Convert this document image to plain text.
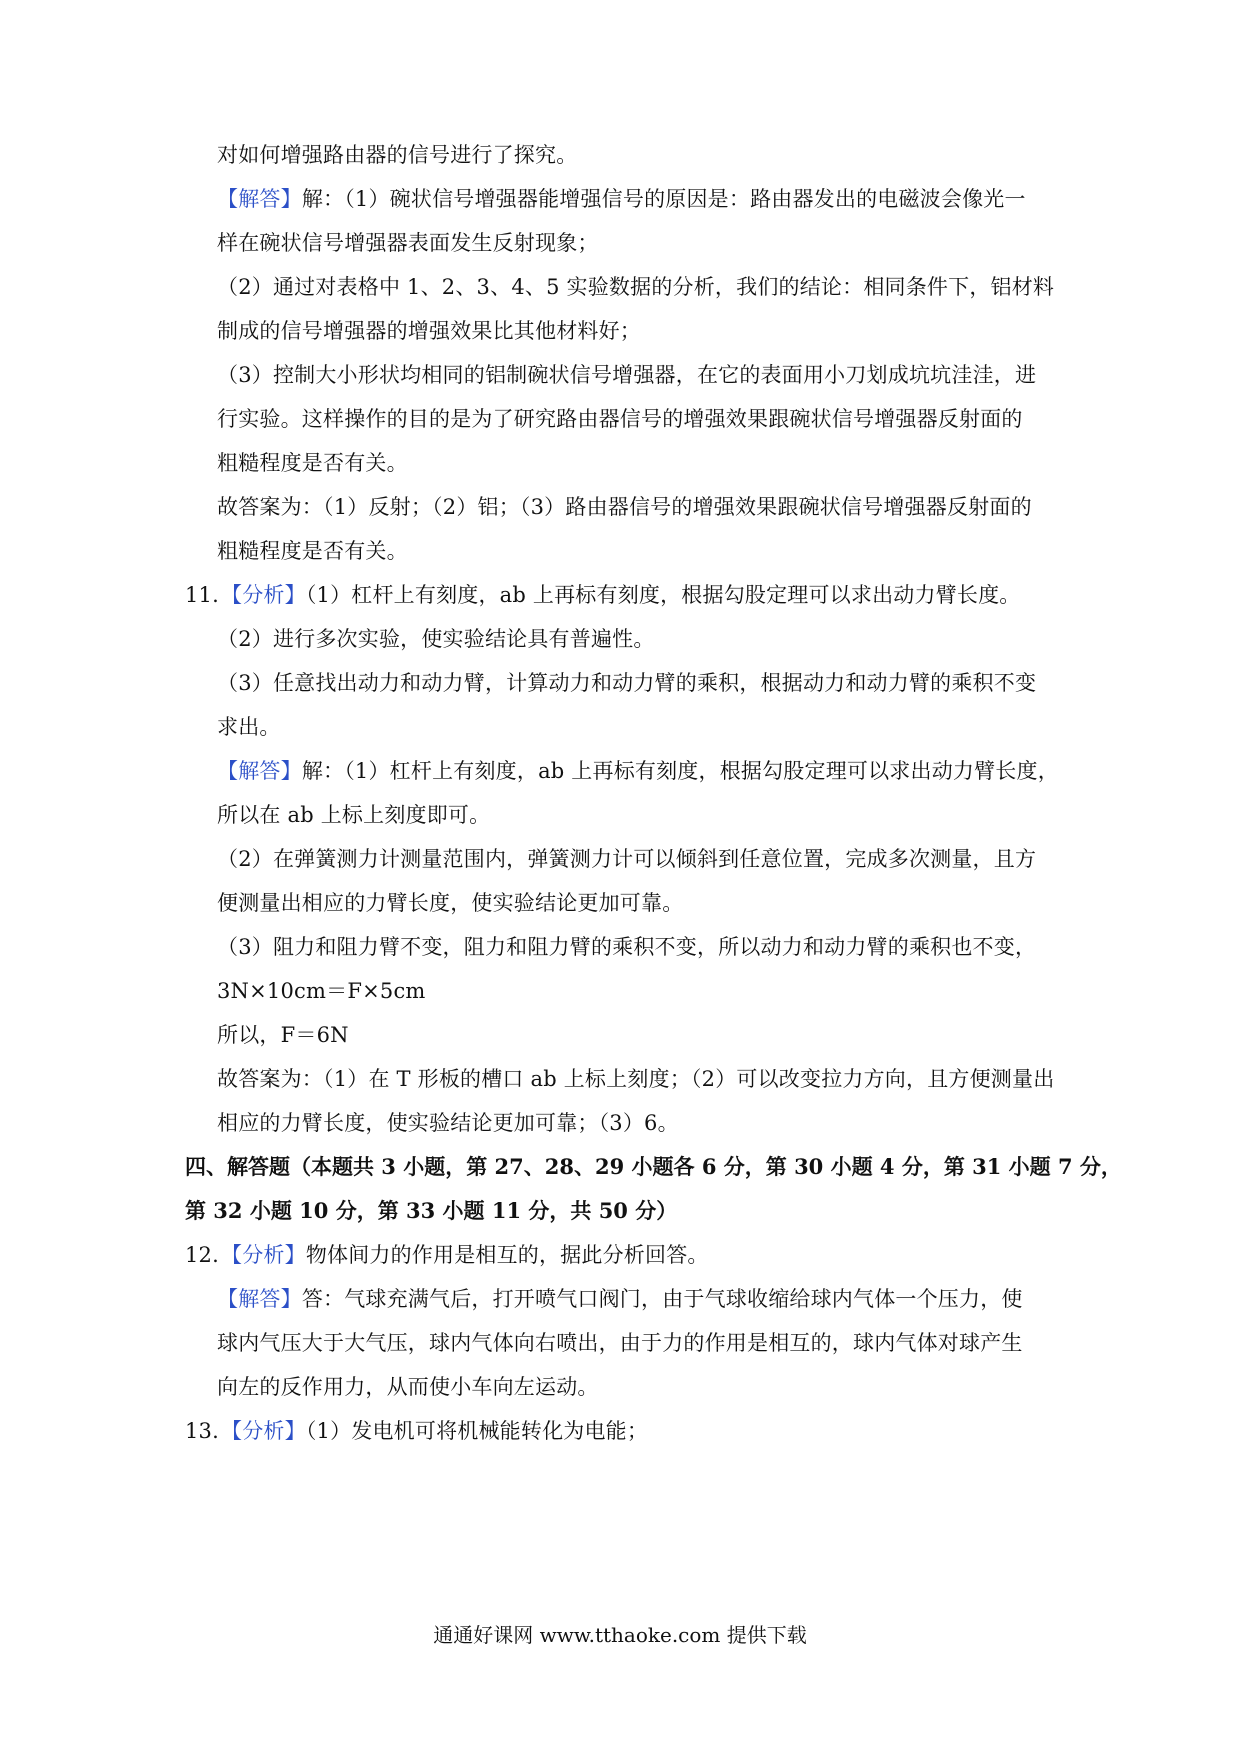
对如何增强路由器的信号进行了探究。
【解答】解：（1）碗状信号增强器能增强信号的原因是：路由器发出的电磁波会像光一
样在碗状信号增强器表面发生反射现象；
（2）通过对表格中 1、2、3、4、5 实验数据的分析，我们的结论：相同条件下，铝材料
制成的信号增强器的增强效果比其他材料好；
（3）控制大小形状均相同的铝制碗状信号增强器，在它的表面用小刀划成坑坑洼洼，进
行实验。这样操作的目的是为了研究路由器信号的增强效果跟碗状信号增强器反射面的
粗糙程度是否有关。
故答案为：（1）反射；（2）铝；（3）路由器信号的增强效果跟碗状信号增强器反射面的
粗糙程度是否有关。
11.【分析】（1）杠杆上有刻度，ab 上再标有刻度，根据勾股定理可以求出动力臂长度。
（2）进行多次实验，使实验结论具有普遍性。
（3）任意找出动力和动力臂，计算动力和动力臂的乘积，根据动力和动力臂的乘积不变
求出。
【解答】解：（1）杠杆上有刻度，ab 上再标有刻度，根据勾股定理可以求出动力臂长度，
所以在 ab 上标上刻度即可。
（2）在弹簧测力计测量范围内，弹簧测力计可以倾斜到任意位置，完成多次测量，且方
便测量出相应的力臂长度，使实验结论更加可靠。
（3）阻力和阻力臂不变，阻力和阻力臂的乘积不变，所以动力和动力臂的乘积也不变，
3N×10cm＝F×5cm
所以，F＝6N
故答案为：（1）在 T 形板的槽口 ab 上标上刻度；（2）可以改变拉力方向，且方便测量出
相应的力臂长度，使实验结论更加可靠；（3）6。
四、解答题（本题共 3 小题，第 27、28、29 小题各 6 分，第 30 小题 4 分，第 31 小题 7 分，
第 32 小题 10 分，第 33 小题 11 分，共 50 分）
12.【分析】物体间力的作用是相互的，据此分析回答。
【解答】答：气球充满气后，打开喷气口阀门，由于气球收缩给球内气体一个压力，使
球内气压大于大气压，球内气体向右喷出，由于力的作用是相互的，球内气体对球产生
向左的反作用力，从而使小车向左运动。
13.【分析】（1）发电机可将机械能转化为电能；
通通好课网 www.tthaoke.com 提供下载
